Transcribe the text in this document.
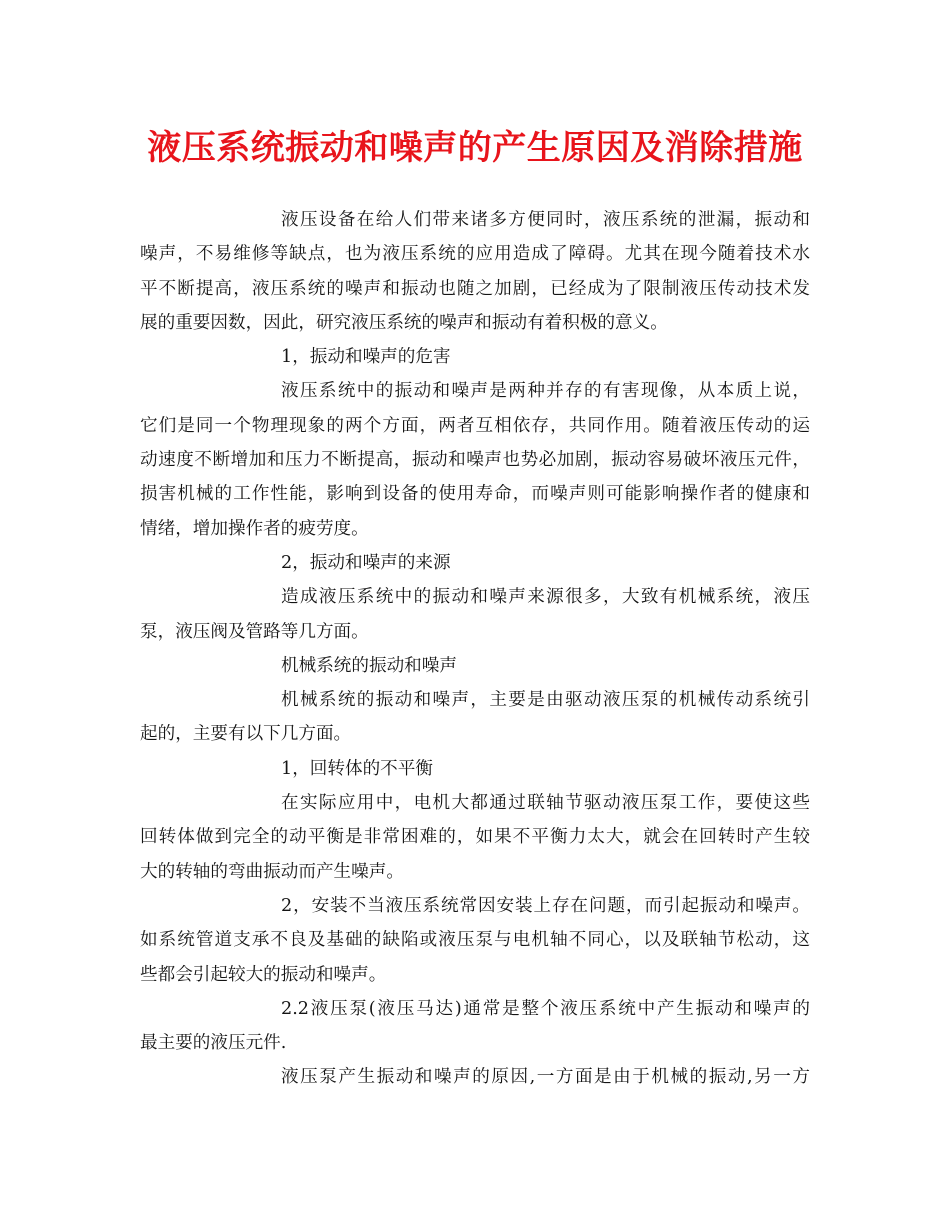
液压系统振动和噪声的产生原因及消除措施
液压设备在给人们带来诸多方便同时，液压系统的泄漏，振动和
噪声，不易维修等缺点，也为液压系统的应用造成了障碍。尤其在现今随着技术水
平不断提高，液压系统的噪声和振动也随之加剧，已经成为了限制液压传动技术发
展的重要因数，因此，研究液压系统的噪声和振动有着积极的意义。
1，振动和噪声的危害
液压系统中的振动和噪声是两种并存的有害现像，从本质上说，
它们是同一个物理现象的两个方面，两者互相依存，共同作用。随着液压传动的运
动速度不断增加和压力不断提高，振动和噪声也势必加剧，振动容易破坏液压元件，
损害机械的工作性能，影响到设备的使用寿命，而噪声则可能影响操作者的健康和
情绪，增加操作者的疲劳度。
2，振动和噪声的来源
造成液压系统中的振动和噪声来源很多，大致有机械系统，液压
泵，液压阀及管路等几方面。
机械系统的振动和噪声
机械系统的振动和噪声，主要是由驱动液压泵的机械传动系统引
起的，主要有以下几方面。
1，回转体的不平衡
在实际应用中，电机大都通过联轴节驱动液压泵工作，要使这些
回转体做到完全的动平衡是非常困难的，如果不平衡力太大，就会在回转时产生较
大的转轴的弯曲振动而产生噪声。
2，安装不当液压系统常因安装上存在问题，而引起振动和噪声。
如系统管道支承不良及基础的缺陷或液压泵与电机轴不同心，以及联轴节松动，这
些都会引起较大的振动和噪声。
2.2液压泵(液压马达)通常是整个液压系统中产生振动和噪声的
最主要的液压元件.
液压泵产生振动和噪声的原因,一方面是由于机械的振动,另一方
